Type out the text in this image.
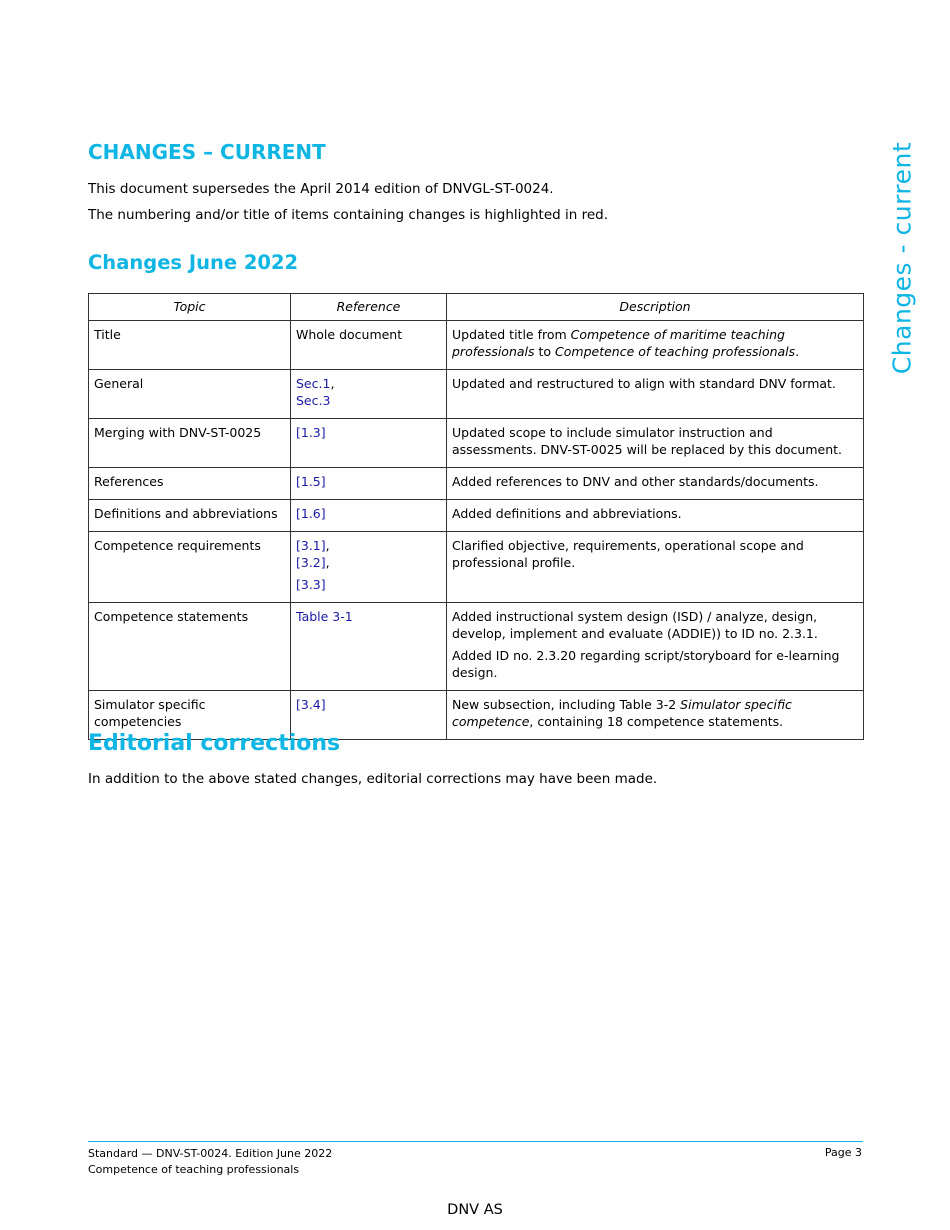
CHANGES – CURRENT

This document supersedes the April 2014 edition of DNVGL-ST-0024.

The numbering and/or title of items containing changes is highlighted in red.

Changes June 2022	Changes - current
Topic	Reference	Description
Title	Whole document	Updated title from Competence of maritime teaching professionals to Competence of teaching professionals.

General	Sec.1,
Sec.3	Updated and restructured to align with standard DNV format.

Merging with DNV-ST-0025	[1.3]	Updated scope to include simulator instruction and assessments. DNV-ST-0025 will be replaced by this document.

References	[1.5]	Added references to DNV and other standards/documents.

Definitions and abbreviations	[1.6]	Added definitions and abbreviations.

Competence requirements	[3.1],
[3.2],
[3.3]	Clarified objective, requirements, operational scope and professional profile.

Competence statements	Table 3-1	Added instructional system design (ISD) / analyze, design, develop, implement and evaluate (ADDIE)) to ID no. 2.3.1.
Added ID no. 2.3.20 regarding script/storyboard for e-learning design.

Simulator specific competencies	[3.4]	New subsection, including Table 3-2 Simulator specific competence, containing 18 competence statements.
Editorial corrections

In addition to the above stated changes, editorial corrections may have been made.

Standard — DNV-ST-0024. Edition June 2022
Competence of teaching professionals
Page 3
DNV AS
